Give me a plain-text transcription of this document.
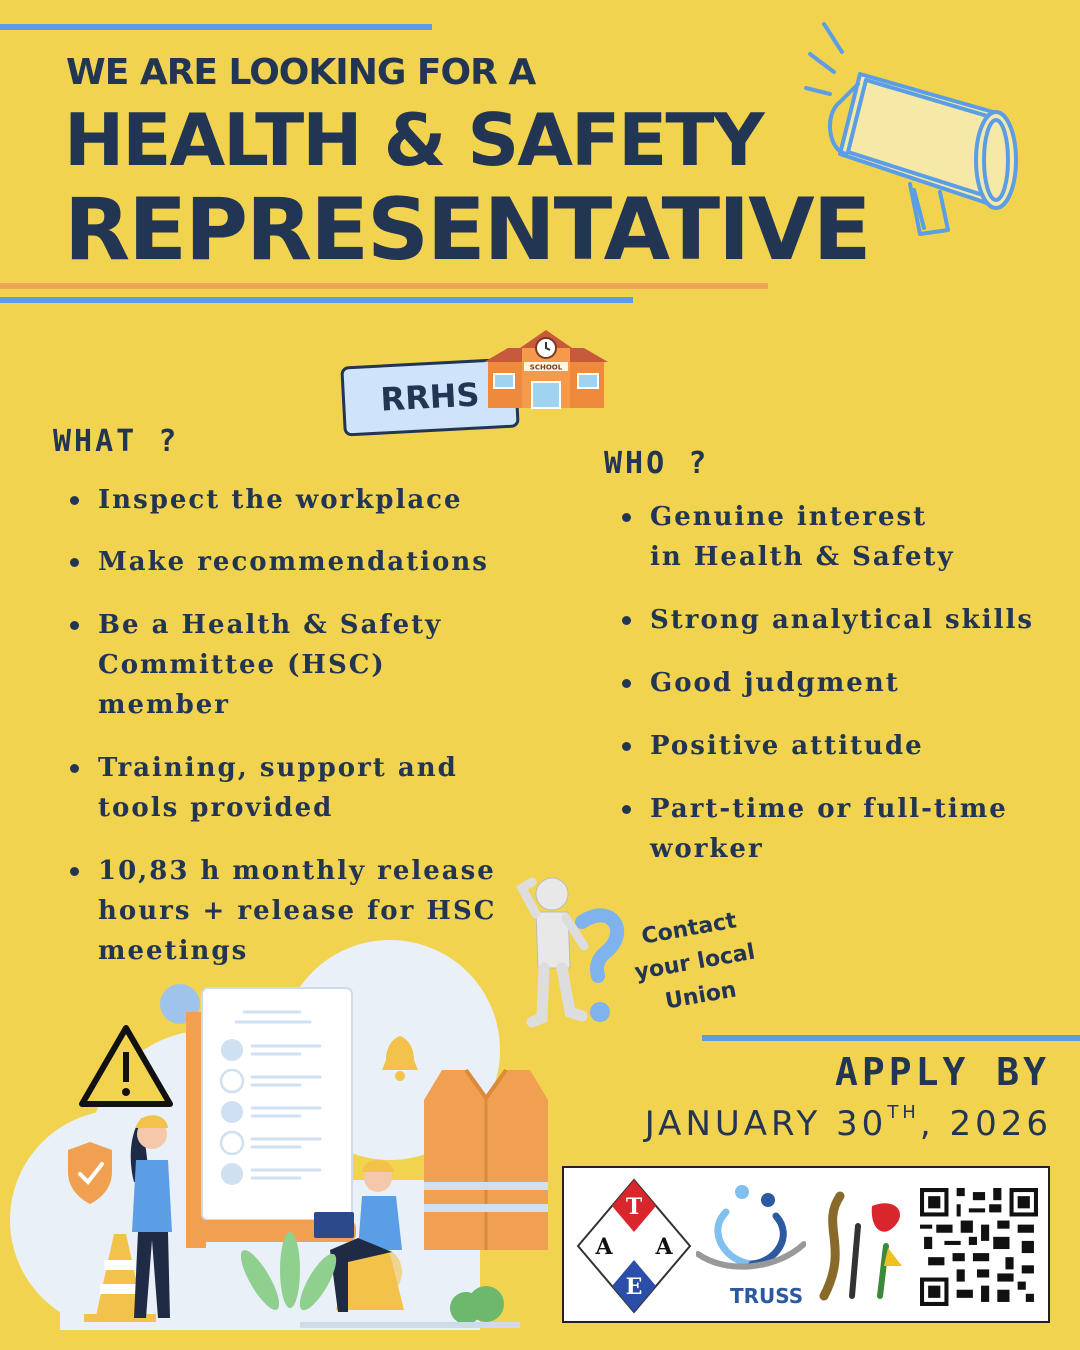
WE ARE LOOKING FOR A
HEALTH & SAFETY
REPRESENTATIVE
RRHS
SCHOOL
WHAT ?
Inspect the workplace
Make recommendations
Be a Health & Safety Committee (HSC) member
Training, support and tools provided
10,83 h monthly release hours + release for HSC meetings
WHO ?
Genuine interest in Health & Safety
Strong analytical skills
Good judgment
Positive attitude
Part-time or full-time worker
Contact
your local
Union
APPLY BY
JANUARY 30TH, 2026
T
A A
E	TRUSS
